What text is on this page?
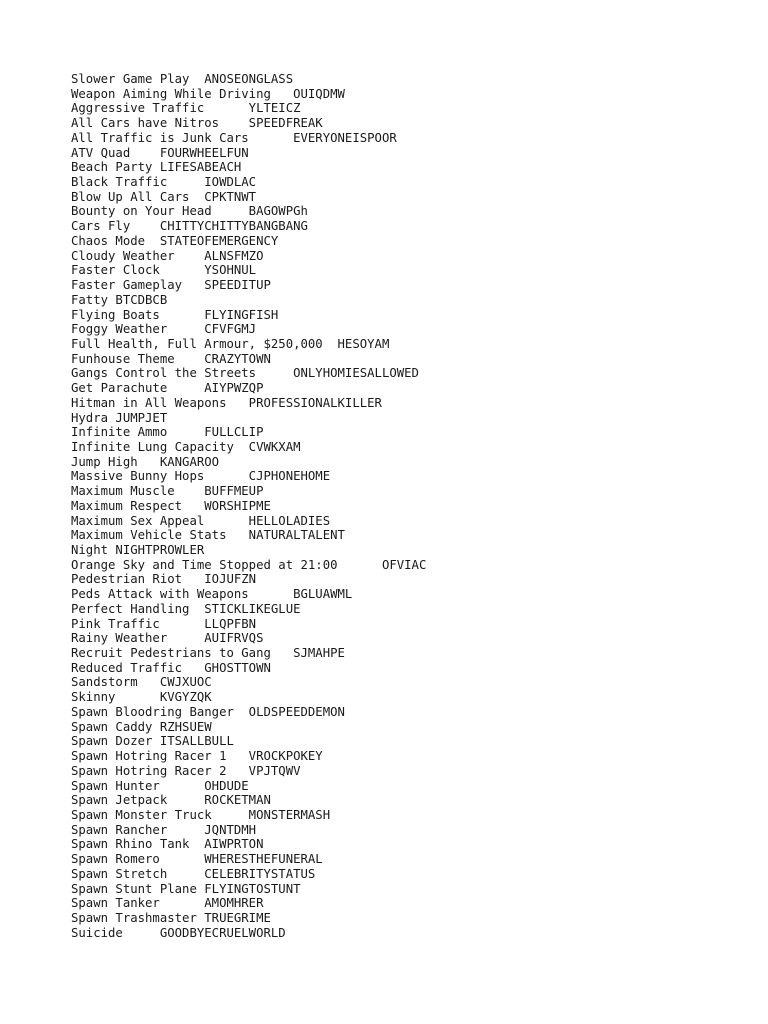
Slower Game Play  ANOSEONGLASS
Weapon Aiming While Driving   OUIQDMW
Aggressive Traffic      YLTEICZ
All Cars have Nitros    SPEEDFREAK
All Traffic is Junk Cars      EVERYONEISPOOR
ATV Quad    FOURWHEELFUN
Beach Party LIFESABEACH
Black Traffic     IOWDLAC
Blow Up All Cars  CPKTNWT
Bounty on Your Head     BAGOWPGh
Cars Fly    CHITTYCHITTYBANGBANG
Chaos Mode  STATEOFEMERGENCY
Cloudy Weather    ALNSFMZO
Faster Clock      YSOHNUL
Faster Gameplay   SPEEDITUP
Fatty BTCDBCB
Flying Boats      FLYINGFISH
Foggy Weather     CFVFGMJ
Full Health, Full Armour, $250,000  HESOYAM
Funhouse Theme    CRAZYTOWN
Gangs Control the Streets     ONLYHOMIESALLOWED
Get Parachute     AIYPWZQP
Hitman in All Weapons   PROFESSIONALKILLER
Hydra JUMPJET
Infinite Ammo     FULLCLIP
Infinite Lung Capacity  CVWKXAM
Jump High   KANGAROO
Massive Bunny Hops      CJPHONEHOME
Maximum Muscle    BUFFMEUP
Maximum Respect   WORSHIPME
Maximum Sex Appeal      HELLOLADIES
Maximum Vehicle Stats   NATURALTALENT
Night NIGHTPROWLER
Orange Sky and Time Stopped at 21:00      OFVIAC
Pedestrian Riot   IOJUFZN
Peds Attack with Weapons      BGLUAWML
Perfect Handling  STICKLIKEGLUE
Pink Traffic      LLQPFBN
Rainy Weather     AUIFRVQS
Recruit Pedestrians to Gang   SJMAHPE
Reduced Traffic   GHOSTTOWN
Sandstorm   CWJXUOC
Skinny      KVGYZQK
Spawn Bloodring Banger  OLDSPEEDDEMON
Spawn Caddy RZHSUEW
Spawn Dozer ITSALLBULL
Spawn Hotring Racer 1   VROCKPOKEY
Spawn Hotring Racer 2   VPJTQWV
Spawn Hunter      OHDUDE
Spawn Jetpack     ROCKETMAN
Spawn Monster Truck     MONSTERMASH
Spawn Rancher     JQNTDMH
Spawn Rhino Tank  AIWPRTON
Spawn Romero      WHERESTHEFUNERAL
Spawn Stretch     CELEBRITYSTATUS
Spawn Stunt Plane FLYINGTOSTUNT
Spawn Tanker      AMOMHRER
Spawn Trashmaster TRUEGRIME
Suicide     GOODBYECRUELWORLD
